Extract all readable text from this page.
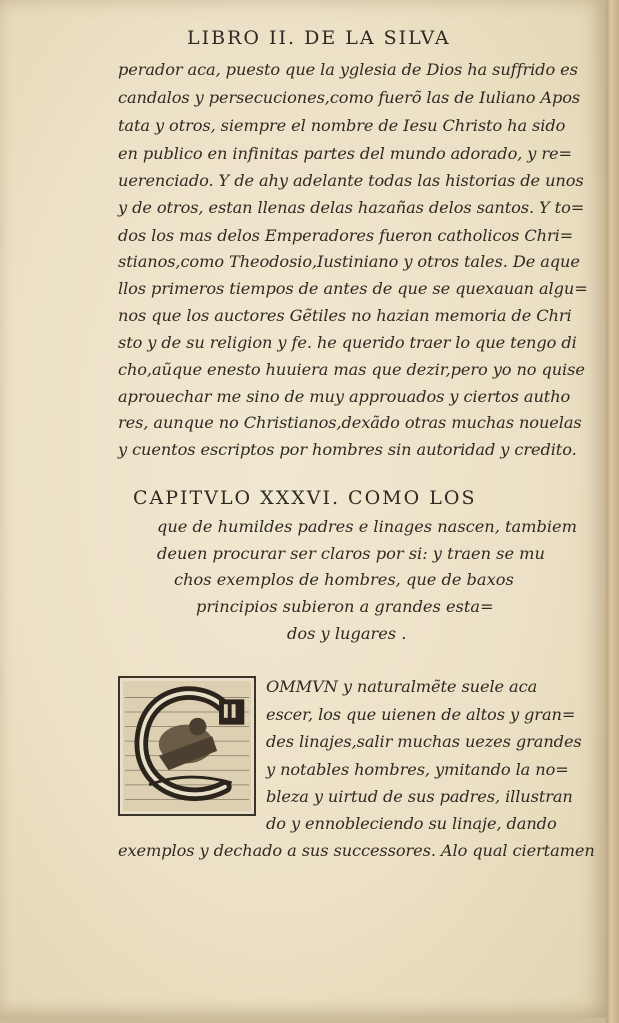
LIBRO II. DE LA SILVA
perador aca, puesto que la yglesia de Dios ha suffrido es
candalos y persecuciones,como fuerõ las de Iuliano Apos
tata y otros, siempre el nombre de Iesu Christo ha sido
en publico en infinitas partes del mundo adorado, y re=
uerenciado. Y de ahy adelante todas las historias de unos
y de otros, estan llenas delas hazañas delos santos. Y to=
dos los mas delos Emperadores fueron catholicos Chri=
stianos,como Theodosio,Iustiniano y otros tales. De aque
llos primeros tiempos de antes de que se quexauan algu=
nos que los auctores Gẽtiles no hazian memoria de Chri
sto y de su religion y fe. he querido traer lo que tengo di
cho,aũque enesto huuiera mas que dezir,pero yo no quise
aprouechar me sino de muy approuados y ciertos autho
res, aunque no Christianos,dexãdo otras muchas nouelas
y cuentos escriptos por hombres sin autoridad y credito.
CAPITVLO XXXVI. COMO LOS
que de humildes padres e linages nascen, tambiem
deuen procurar ser claros por si: y traen se mu
chos exemplos de hombres, que de baxos
principios subieron a grandes esta=
dos y lugares .
OMMVN y naturalmẽte suele aca
escer, los que uienen de altos y gran=
des linajes,salir muchas uezes grandes
y notables hombres, ymitando la no=
bleza y uirtud de sus padres, illustran
do y ennobleciendo su linaje, dando
exemplos y dechado a sus successores. Alo qual ciertamen
